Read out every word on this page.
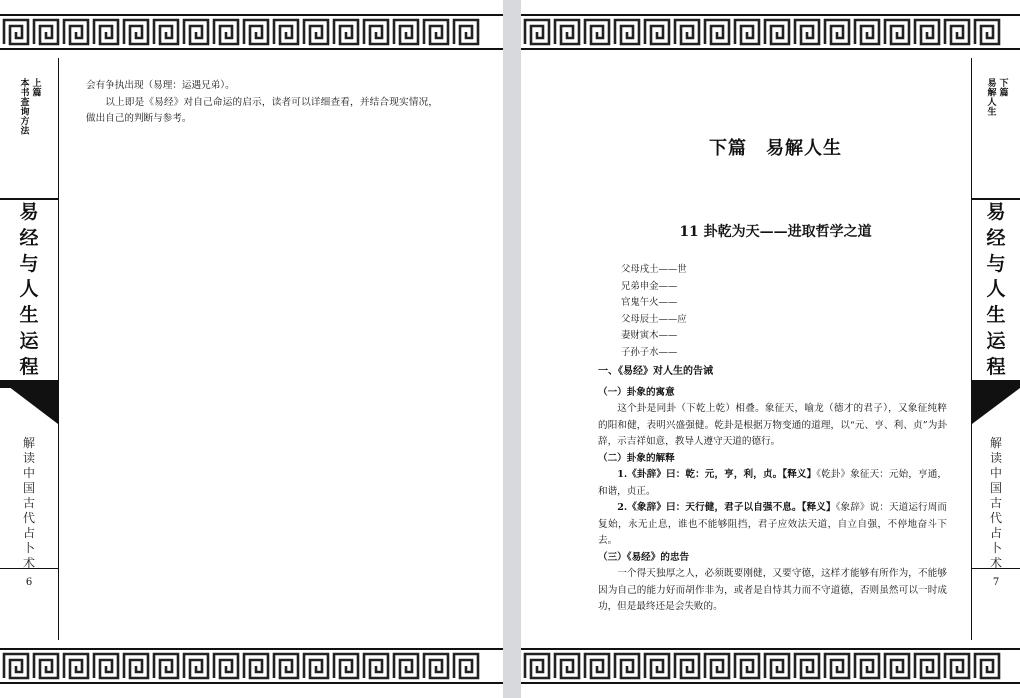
上篇
本书查询方法
易
经
与
人
生
运
程
解
读
中
国
古
代
占
卜
术
6

会有争执出现（易理：运遇兄弟）。

以上即是《易经》对自己命运的启示，读者可以详细查看，并结合现实情况，做出自己的判断与参考。

下篇　易解人生
11 卦乾为天——进取哲学之道
父母戌土——世
兄弟申金——
官鬼午火——
父母辰土——应
妻财寅木——
子孙子水——

一、《易经》对人生的告诫

（一）卦象的寓意

这个卦是同卦（下乾上乾）相叠。象征天，喻龙（德才的君子），又象征纯粹的阳和健，表明兴盛强健。乾卦是根据万物变通的道理，以“元、亨、利、贞”为卦辞，示吉祥如意，教导人遵守天道的德行。

（二）卦象的解释

1.《卦辞》曰：乾：元，亨，利，贞。【释义】《乾卦》象征天：元始，亨通，和谐，贞正。

2.《象辞》曰：天行健，君子以自强不息。【释义】《象辞》说：天道运行周而复始，永无止息，谁也不能够阻挡，君子应效法天道，自立自强，不停地奋斗下去。

（三）《易经》的忠告

一个得天独厚之人，必须既要刚健，又要守德，这样才能够有所作为，不能够因为自己的能力好而胡作非为，或者是自恃其力而不守道德，否则虽然可以一时成功，但是最终还是会失败的。

下篇
易解人生
易
经
与
人
生
运
程
解
读
中
国
古
代
占
卜
术
7
